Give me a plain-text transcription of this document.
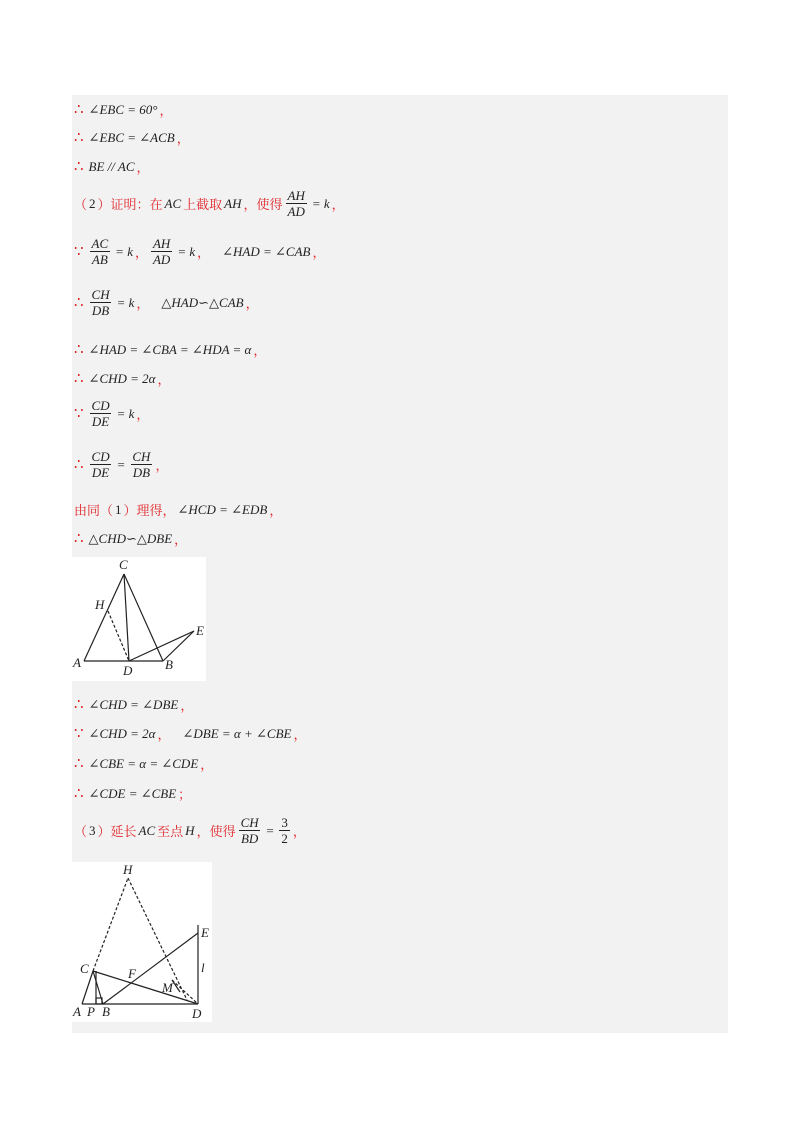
∴ ∠EBC = 60° ，
∴ ∠EBC = ∠ACB ，
∴ BE // AC ，
（ 2 ）证明：在 AC 上截取 AH ，使得 $\frac{AH}{AD} = k$ ，
∵ $\frac{AC}{AB} = k$ ， $\frac{AH}{AD} = k$ ， ∠HAD = ∠CAB ，
∴ $\frac{CH}{DB} = k$ ， △HAD∽△CAB ，
∴ ∠HAD = ∠CBA = ∠HDA = α ，
∴ ∠CHD = 2α ，
∵ $\frac{CD}{DE} = k$ ，
∴ $\frac{CD}{DE} = \frac{CH}{DB}$ ，
由同（ 1 ）理得， ∠HCD = ∠EDB ，
∴ △CHD∽△DBE ，
C
H
E
A
D	B
∴ ∠CHD = ∠DBE ，
∵ ∠CHD = 2α ， ∠DBE = α + ∠CBE ，
∴ ∠CBE = α = ∠CDE ，
∴ ∠CDE = ∠CBE ；
（ 3 ）延长 AC 至点 H ，使得 $\frac{CH}{BD} = \frac{3}{2}$ ，
H
E
l
C	F
M
A P B	D
